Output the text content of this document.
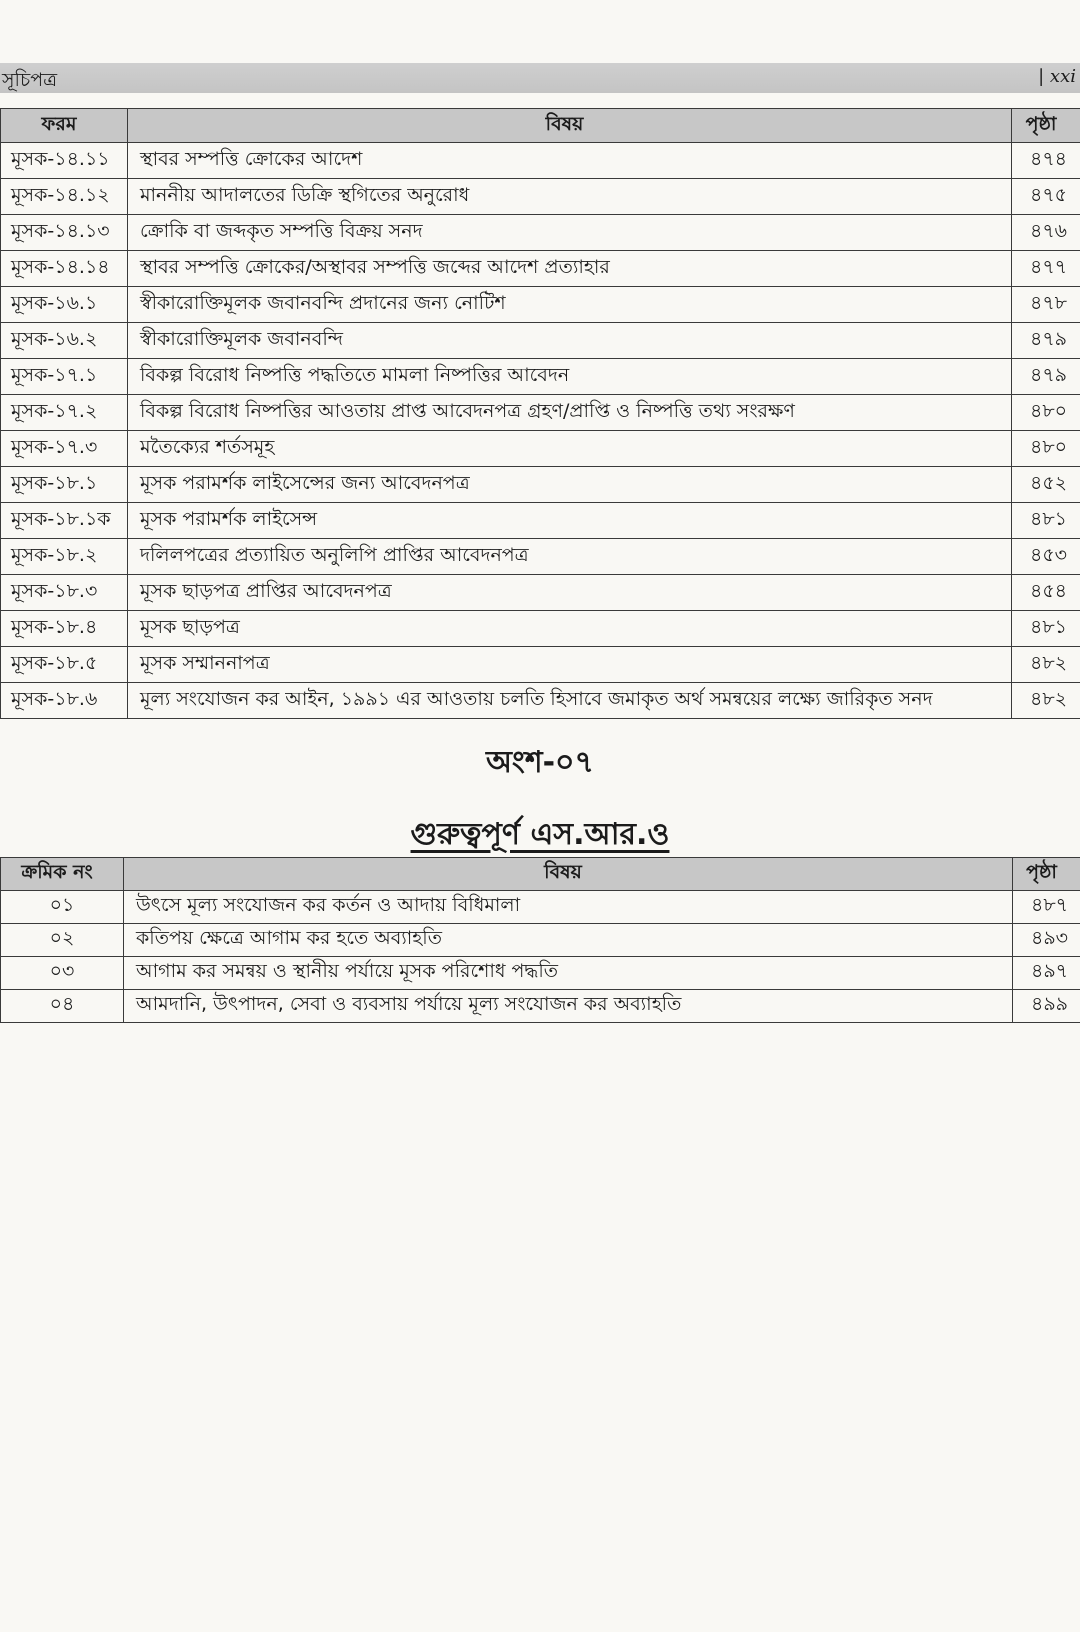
সূচিপত্র	| xxi
ফরম	বিষয়	পৃষ্ঠা
মূসক-১৪.১১	স্থাবর সম্পত্তি ক্রোকের আদেশ	৪৭৪
মূসক-১৪.১২	মাননীয় আদালতের ডিক্রি স্থগিতের অনুরোধ	৪৭৫
মূসক-১৪.১৩	ক্রোকি বা জব্দকৃত সম্পত্তি বিক্রয় সনদ	৪৭৬
মূসক-১৪.১৪	স্থাবর সম্পত্তি ক্রোকের/অস্থাবর সম্পত্তি জব্দের আদেশ প্রত্যাহার	৪৭৭
মূসক-১৬.১	স্বীকারোক্তিমূলক জবানবন্দি প্রদানের জন্য নোটিশ	৪৭৮
মূসক-১৬.২	স্বীকারোক্তিমূলক জবানবন্দি	৪৭৯
মূসক-১৭.১	বিকল্প বিরোধ নিষ্পত্তি পদ্ধতিতে মামলা নিষ্পত্তির আবেদন	৪৭৯
মূসক-১৭.২	বিকল্প বিরোধ নিষ্পত্তির আওতায় প্রাপ্ত আবেদনপত্র গ্রহণ/প্রাপ্তি ও নিষ্পত্তি তথ্য সংরক্ষণ	৪৮০
মূসক-১৭.৩	মতৈক্যের শর্তসমূহ	৪৮০
মূসক-১৮.১	মূসক পরামর্শক লাইসেন্সের জন্য আবেদনপত্র	৪৫২
মূসক-১৮.১ক	মূসক পরামর্শক লাইসেন্স	৪৮১
মূসক-১৮.২	দলিলপত্রের প্রত্যায়িত অনুলিপি প্রাপ্তির আবেদনপত্র	৪৫৩
মূসক-১৮.৩	মূসক ছাড়পত্র প্রাপ্তির আবেদনপত্র	৪৫৪
মূসক-১৮.৪	মূসক ছাড়পত্র	৪৮১
মূসক-১৮.৫	মূসক সম্মাননাপত্র	৪৮২
মূসক-১৮.৬	মূল্য সংযোজন কর আইন, ১৯৯১ এর আওতায় চলতি হিসাবে জমাকৃত অর্থ সমন্বয়ের লক্ষ্যে জারিকৃত সনদ	৪৮২
অংশ-০৭
গুরুত্বপূর্ণ এস.আর.ও
ক্রমিক নং	বিষয়	পৃষ্ঠা
০১	উৎসে মূল্য সংযোজন কর কর্তন ও আদায় বিধিমালা	৪৮৭
০২	কতিপয় ক্ষেত্রে আগাম কর হতে অব্যাহতি	৪৯৩
০৩	আগাম কর সমন্বয় ও স্থানীয় পর্যায়ে মূসক পরিশোধ পদ্ধতি	৪৯৭
০৪	আমদানি, উৎপাদন, সেবা ও ব্যবসায় পর্যায়ে মূল্য সংযোজন কর অব্যাহতি	৪৯৯
